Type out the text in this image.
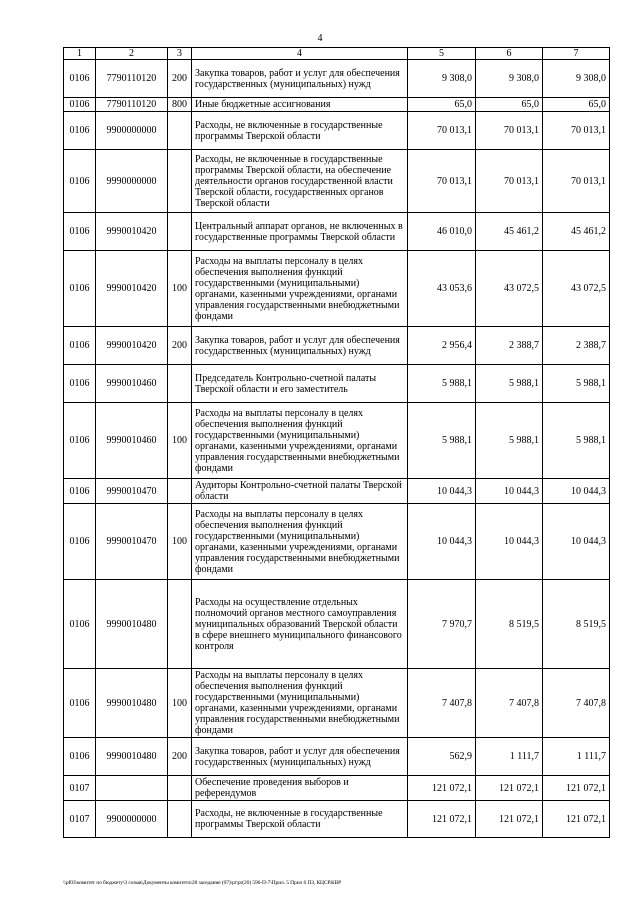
4
1	2	3	4	5	6	7
0106	7790110120	200	Закупка товаров, работ и услуг для обеспечения государственных (муниципальных) нужд	9 308,0	9 308,0	9 308,0
0106	7790110120	800	Иные бюджетные ассигнования	65,0	65,0	65,0
0106	9900000000		Расходы, не включенные в государственные программы Тверской области	70 013,1	70 013,1	70 013,1
0106	9990000000		Расходы, не включенные в государственные программы Тверской области, на обеспечение деятельности органов государственной власти Тверской области, государственных органов Тверской области	70 013,1	70 013,1	70 013,1
0106	9990010420		Центральный аппарат органов, не включенных в государственные программы Тверской области	46 010,0	45 461,2	45 461,2
0106	9990010420	100	Расходы на выплаты персоналу в целях обеспечения выполнения функций государственными (муниципальными) органами, казенными учреждениями, органами управления государственными внебюджетными фондами	43 053,6	43 072,5	43 072,5
0106	9990010420	200	Закупка товаров, работ и услуг для обеспечения государственных (муниципальных) нужд	2 956,4	2 388,7	2 388,7
0106	9990010460		Председатель Контрольно-счетной палаты Тверской области и его заместитель	5 988,1	5 988,1	5 988,1
0106	9990010460	100	Расходы на выплаты персоналу в целях обеспечения выполнения функций государственными (муниципальными) органами, казенными учреждениями, органами управления государственными внебюджетными фондами	5 988,1	5 988,1	5 988,1
0106	9990010470		Аудиторы Контрольно-счетной палаты Тверской области	10 044,3	10 044,3	10 044,3
0106	9990010470	100	Расходы на выплаты персоналу в целях обеспечения выполнения функций государственными (муниципальными) органами, казенными учреждениями, органами управления государственными внебюджетными фондами	10 044,3	10 044,3	10 044,3
0106	9990010480		Расходы на осуществление отдельных полномочий органов местного самоуправления муниципальных образований Тверской области в сфере внешнего муниципального финансового контроля	7 970,7	8 519,5	8 519,5
0106	9990010480	100	Расходы на выплаты персоналу в целях обеспечения выполнения функций государственными (муниципальными) органами, казенными учреждениями, органами управления государственными внебюджетными фондами	7 407,8	7 407,8	7 407,8
0106	9990010480	200	Закупка товаров, работ и услуг для обеспечения государственных (муниципальных) нужд	562,9	1 111,7	1 111,7
0107			Обеспечение проведения выборов и референдумов	121 072,1	121 072,1	121 072,1
0107	9900000000		Расходы, не включенные в государственные программы Тверской области	121 072,1	121 072,1	121 072,1
\\pf03\комитет по бюджету\3 созыв\Документы комитета\28 заседание (07)\pr\pr(20) 596-П-7\Прил. 5 Прил 6 ПЗ, КЦСР.КВР
